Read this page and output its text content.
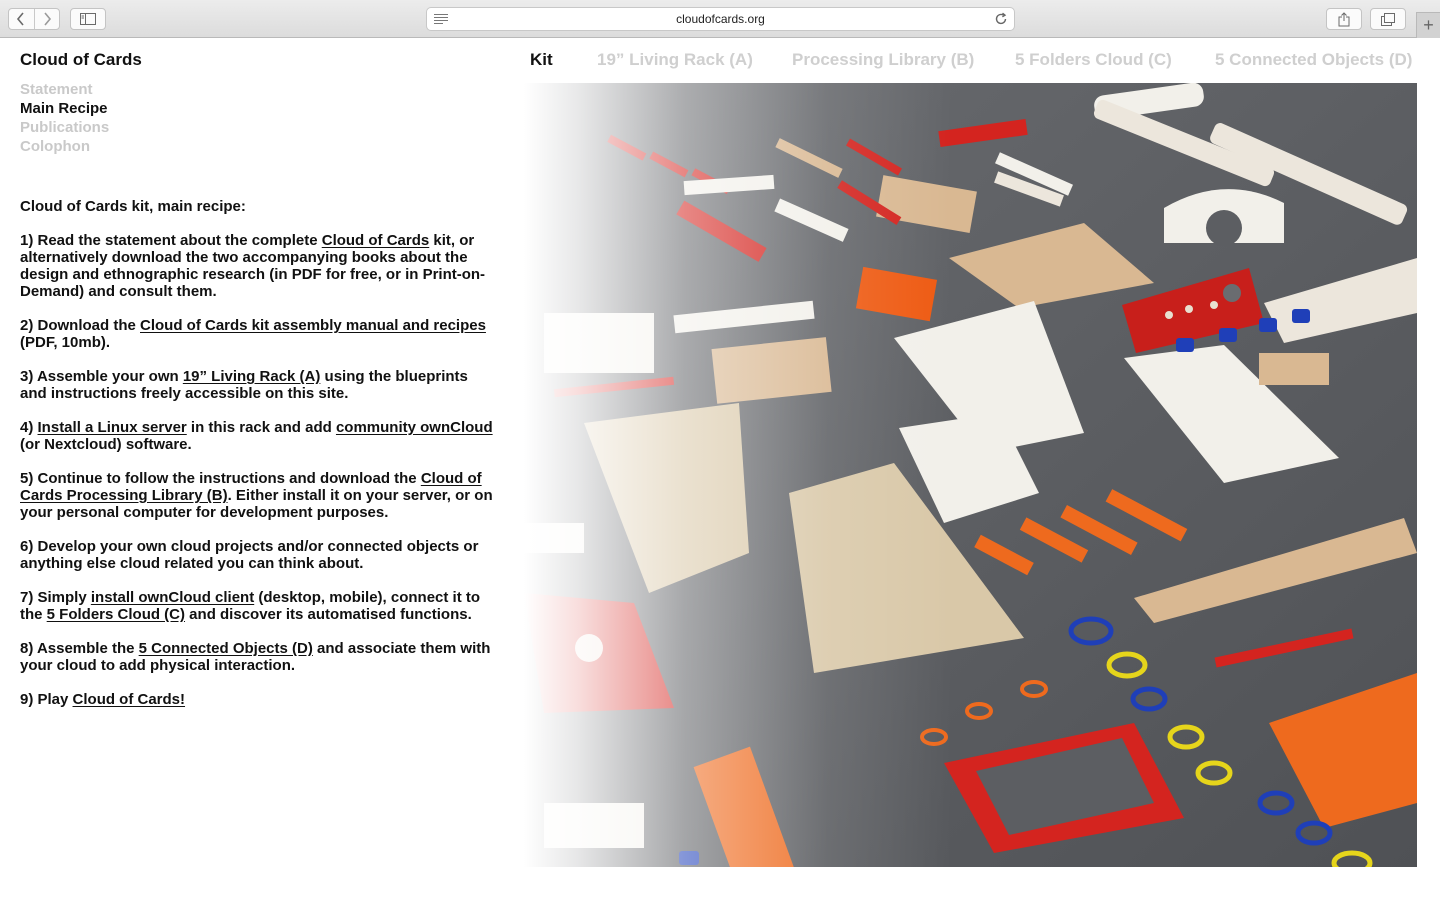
cloudofcards.org	+
Cloud of Cards
Statement
Main Recipe
Publications
Colophon
Kit	19” Living Rack (A) Processing Library (B) 5 Folders Cloud (C)	5 Connected Objects (D)

Cloud of Cards kit, main recipe:

1) Read the statement about the complete Cloud of Cards kit, or alternatively download the two accompanying books about the design and ethnographic research (in PDF for free, or in Print-on-Demand) and consult them.

2) Download the Cloud of Cards kit assembly manual and recipes (PDF, 10mb).

3) Assemble your own 19” Living Rack (A) using the blueprints and instructions freely accessible on this site.

4) Install a Linux server in this rack and add community ownCloud (or Nextcloud) software.

5) Continue to follow the instructions and download the Cloud of Cards Processing Library (B). Either install it on your server, or on your personal computer for development purposes.

6) Develop your own cloud projects and/or connected objects or anything else cloud related you can think about.

7) Simply install ownCloud client (desktop, mobile), connect it to the 5 Folders Cloud (C) and discover its automatised functions.

8) Assemble the 5 Connected Objects (D) and associate them with your cloud to add physical interaction.

9) Play Cloud of Cards!
